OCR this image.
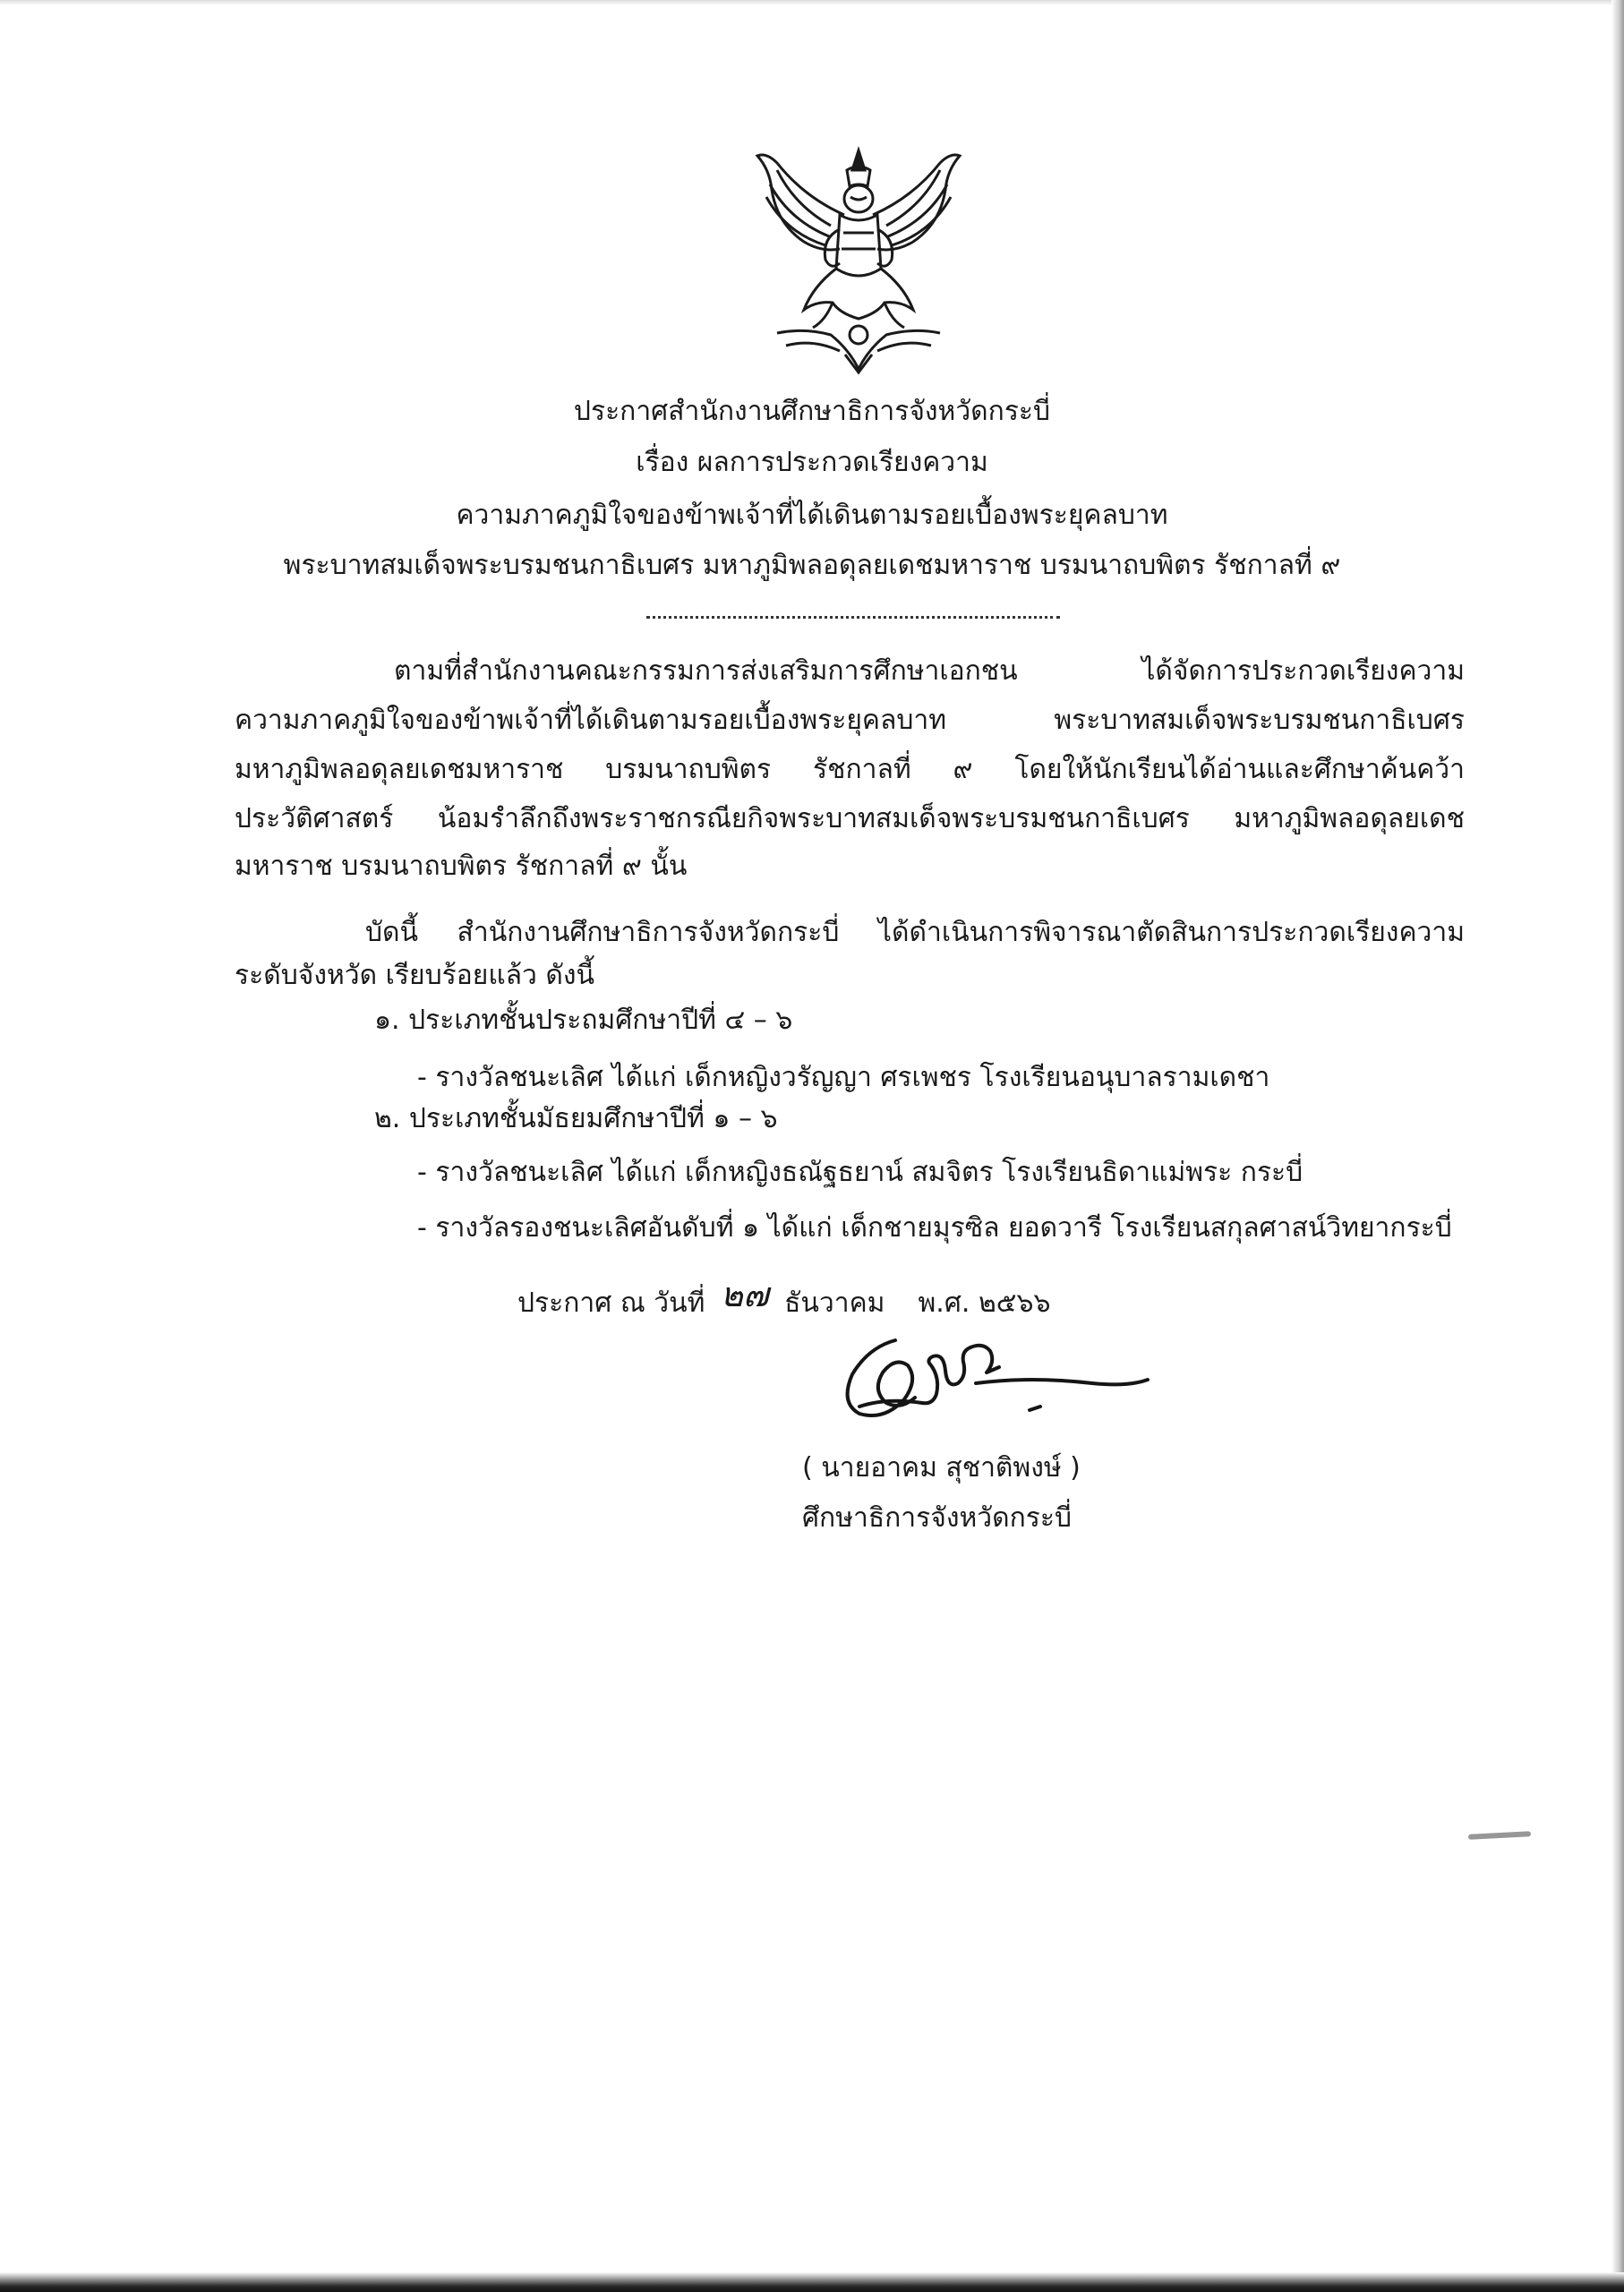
ประกาศสำนักงานศึกษาธิการจังหวัดกระบี่
เรื่อง ผลการประกวดเรียงความ
ความภาคภูมิใจของข้าพเจ้าที่ได้เดินตามรอยเบื้องพระยุคลบาท
พระบาทสมเด็จพระบรมชนกาธิเบศร มหาภูมิพลอดุลยเดชมหาราช บรมนาถบพิตร รัชกาลที่ ๙
ตามที่สำนักงานคณะกรรมการส่งเสริมการศึกษาเอกชน ได้จัดการประกวดเรียงความ
ความภาคภูมิใจของข้าพเจ้าที่ได้เดินตามรอยเบื้องพระยุคลบาท พระบาทสมเด็จพระบรมชนกาธิเบศร
มหาภูมิพลอดุลยเดชมหาราช บรมนาถบพิตร รัชกาลที่ ๙ โดยให้นักเรียนได้อ่านและศึกษาค้นคว้า
ประวัติศาสตร์ น้อมรำลึกถึงพระราชกรณียกิจพระบาทสมเด็จพระบรมชนกาธิเบศร มหาภูมิพลอดุลยเดช
มหาราช บรมนาถบพิตร รัชกาลที่ ๙ นั้น
บัดนี้ สำนักงานศึกษาธิการจังหวัดกระบี่ ได้ดำเนินการพิจารณาตัดสินการประกวดเรียงความ
ระดับจังหวัด เรียบร้อยแล้ว ดังนี้
๑. ประเภทชั้นประถมศึกษาปีที่ ๔ – ๖
- รางวัลชนะเลิศ ได้แก่ เด็กหญิงวรัญญา ศรเพชร โรงเรียนอนุบาลรามเดชา
๒. ประเภทชั้นมัธยมศึกษาปีที่ ๑ – ๖
- รางวัลชนะเลิศ ได้แก่ เด็กหญิงธณัฐธยาน์ สมจิตร โรงเรียนธิดาแม่พระ กระบี่
- รางวัลรองชนะเลิศอันดับที่ ๑ ได้แก่ เด็กชายมุรซิล ยอดวารี โรงเรียนสกุลศาสน์วิทยากระบี่
ประกาศ ณ วันที่ ๒๗ ธันวาคม พ.ศ. ๒๕๖๖
( นายอาคม สุชาติพงษ์ )
ศึกษาธิการจังหวัดกระบี่
